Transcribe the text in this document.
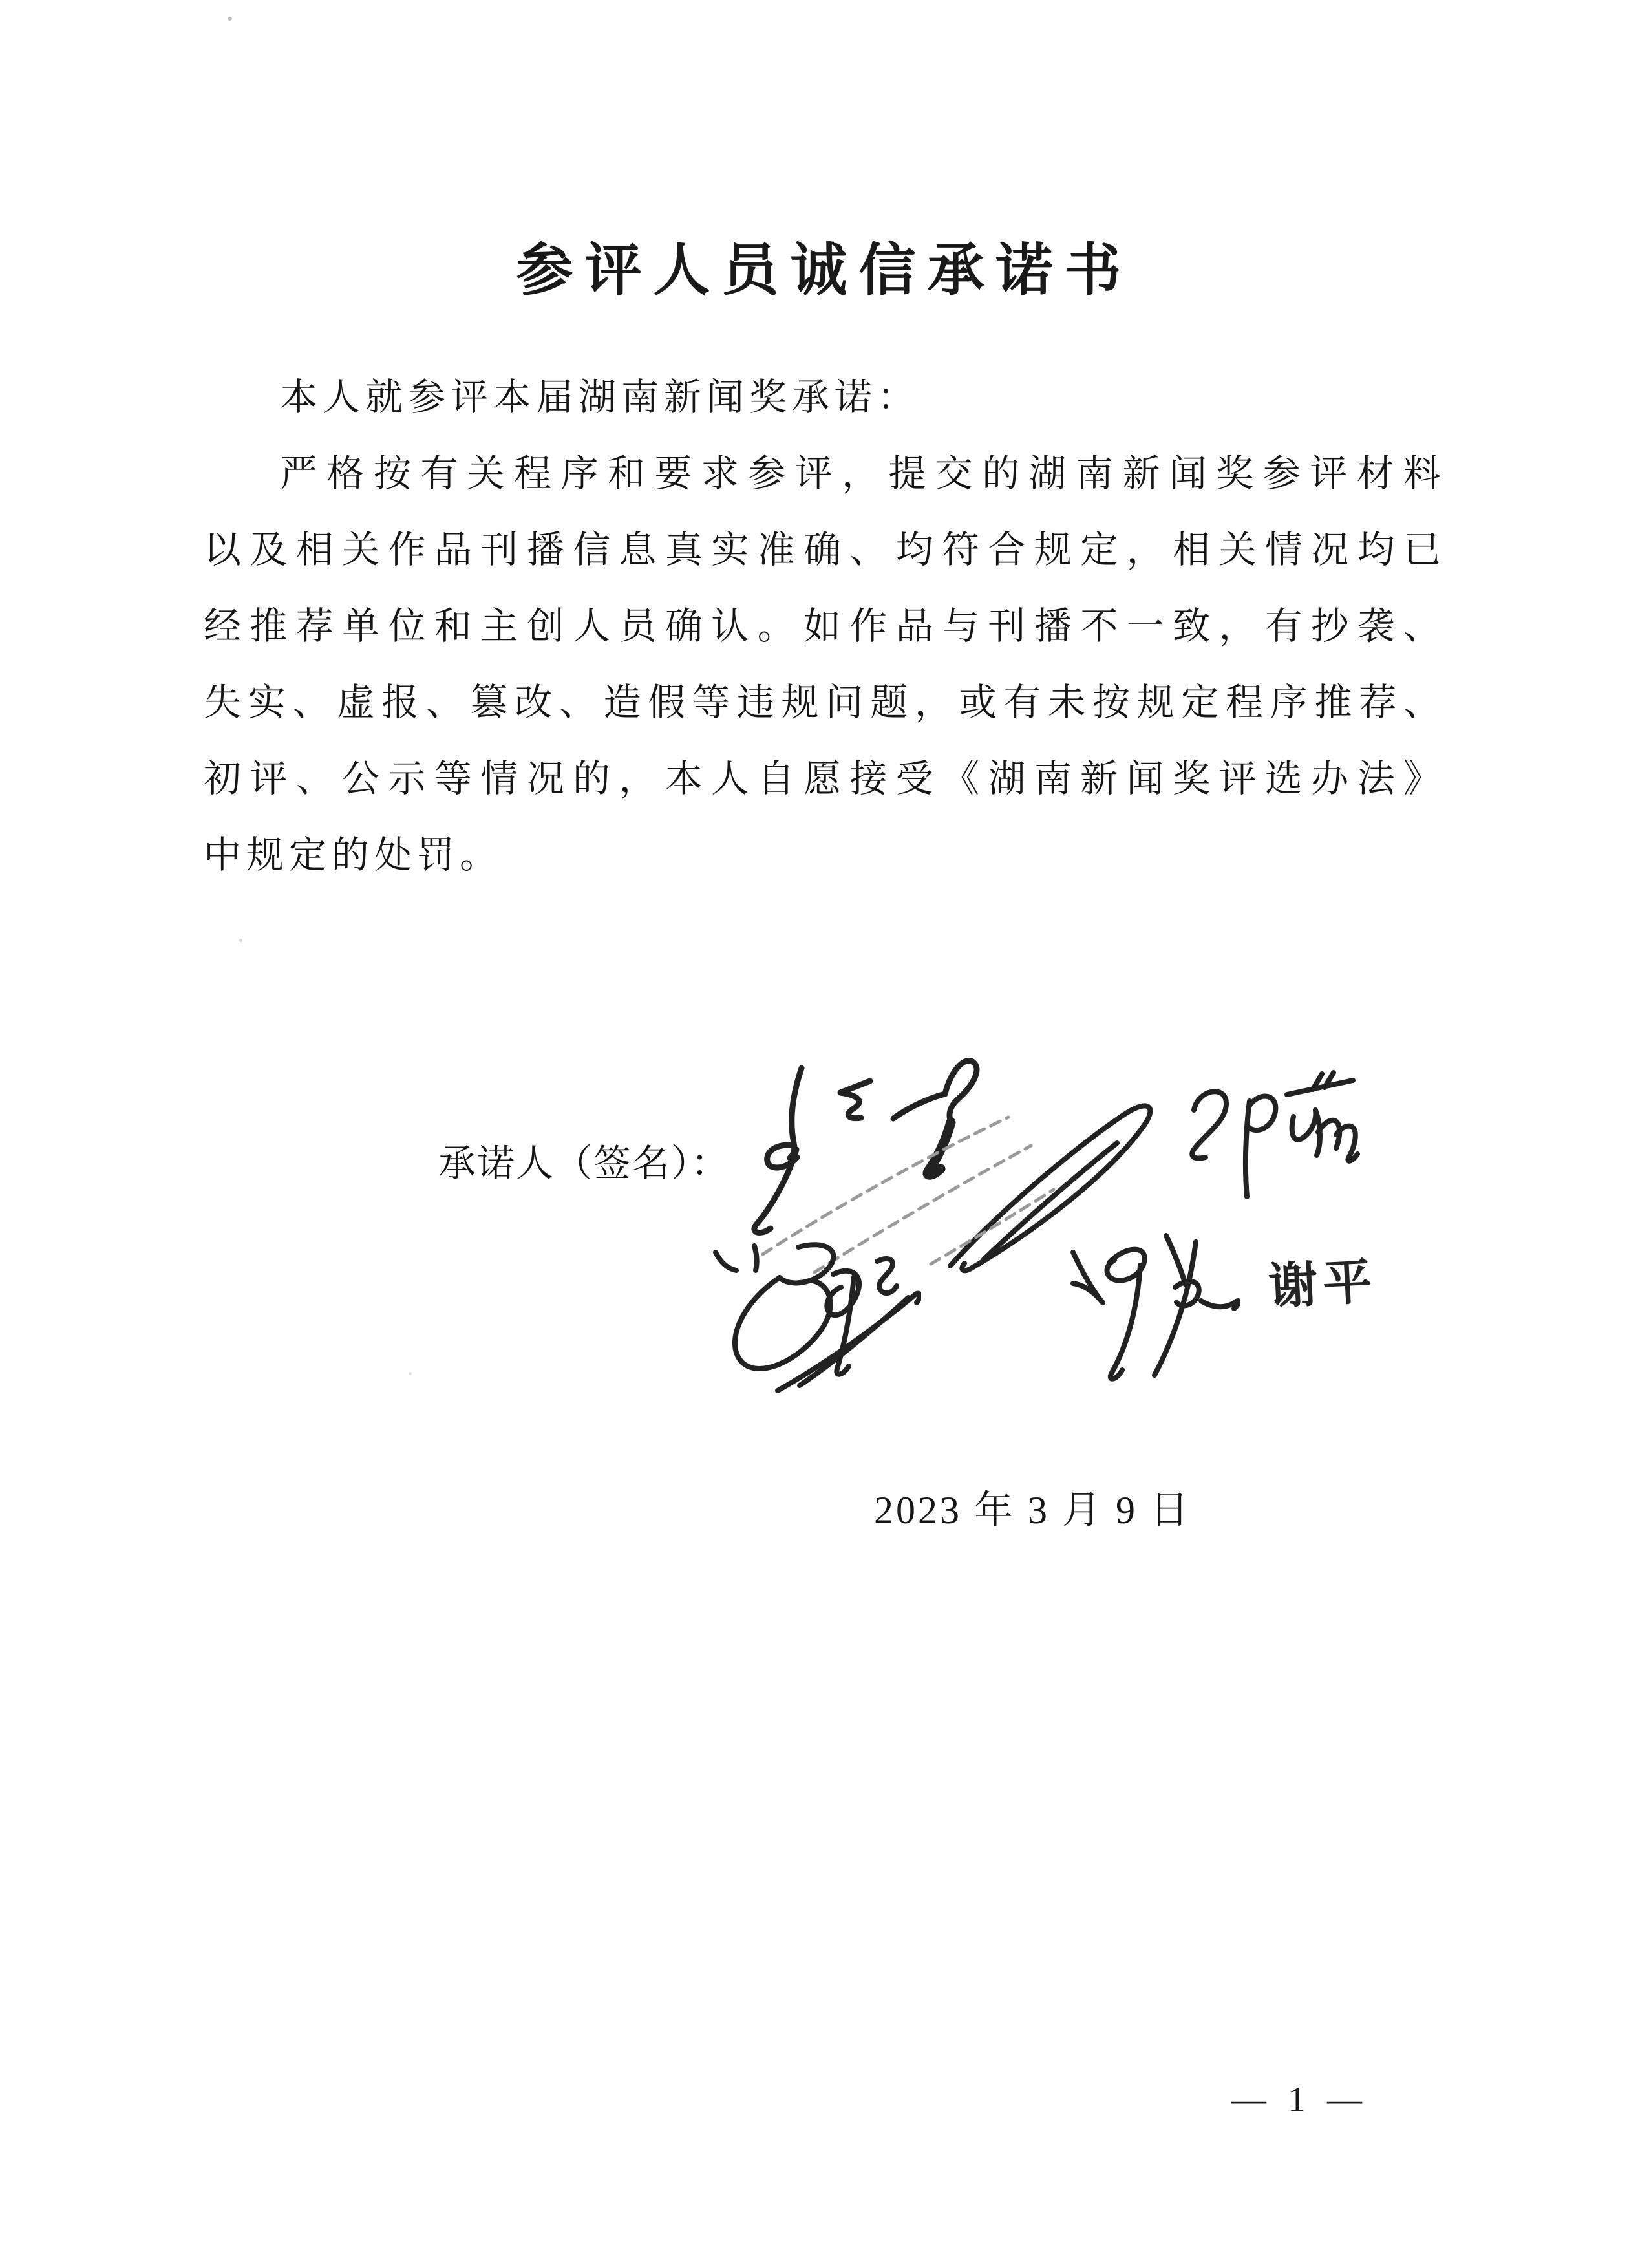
参评人员诚信承诺书

本人就参评本届湖南新闻奖承诺：

严格按有关程序和要求参评，提交的湖南新闻奖参评材料

以及相关作品刊播信息真实准确、均符合规定，相关情况均已

经推荐单位和主创人员确认。如作品与刊播不一致，有抄袭、

失实、虚报、篡改、造假等违规问题，或有未按规定程序推荐、

初评、公示等情况的，本人自愿接受《湖南新闻奖评选办法》

中规定的处罚。

承诺人（签名）：
谢平
2023 年 3 月 9 日
— 1 —
